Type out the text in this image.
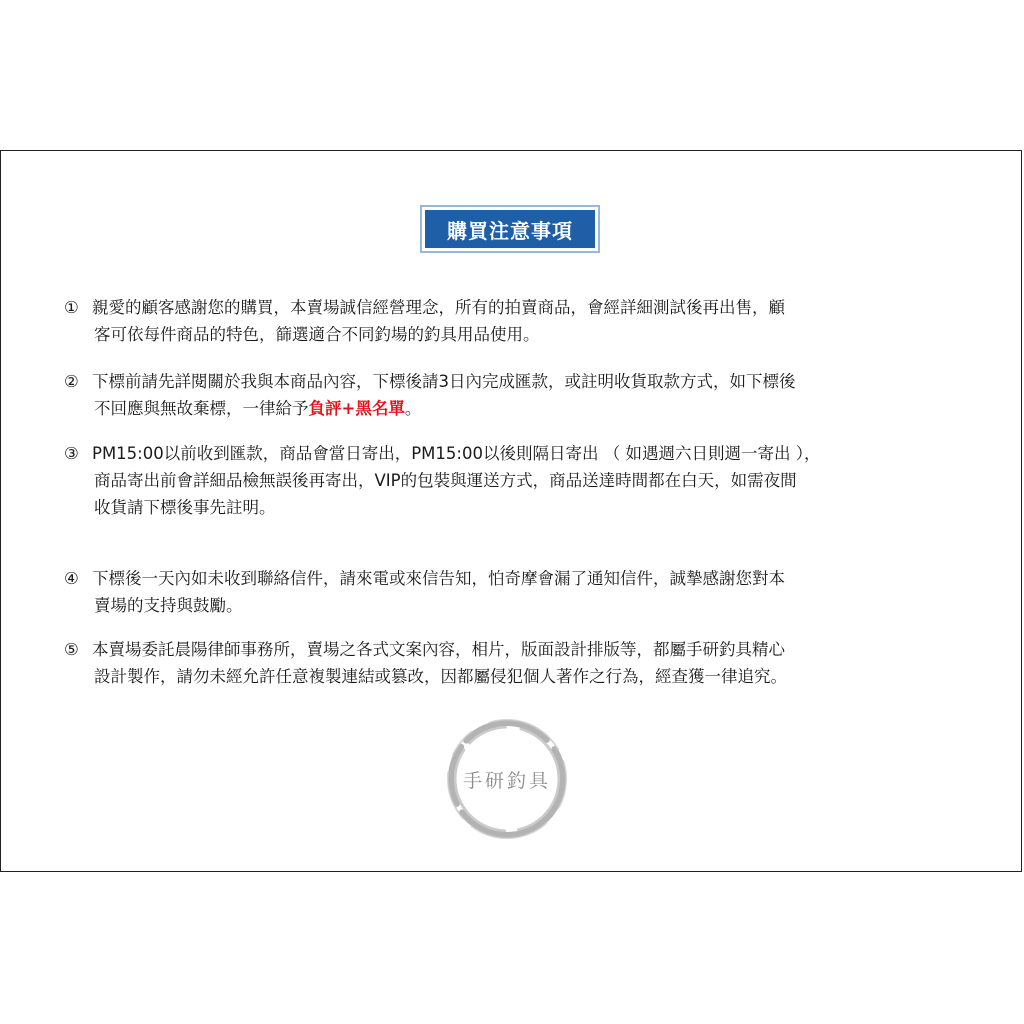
購買注意事項
① 親愛的顧客感謝您的購買，本賣場誠信經營理念，所有的拍賣商品，會經詳細測試後再出售，顧
客可依每件商品的特色，篩選適合不同釣場的釣具用品使用。
② 下標前請先詳閱關於我與本商品內容，下標後請3日內完成匯款，或註明收貨取款方式，如下標後
不回應與無故棄標，一律給予負評+黑名單。
③ PM15:00以前收到匯款，商品會當日寄出，PM15:00以後則隔日寄出 （ 如遇週六日則週一寄出 ），
商品寄出前會詳細品檢無誤後再寄出，VIP的包裝與運送方式，商品送達時間都在白天，如需夜間
收貨請下標後事先註明。
④ 下標後一天內如未收到聯絡信件，請來電或來信告知，怕奇摩會漏了通知信件，誠摯感謝您對本
賣場的支持與鼓勵。
⑤ 本賣場委託晨陽律師事務所，賣場之各式文案內容，相片，版面設計排版等，都屬手研釣具精心
設計製作，請勿未經允許任意複製連結或篡改，因都屬侵犯個人著作之行為，經查獲一律追究。
手研釣具
